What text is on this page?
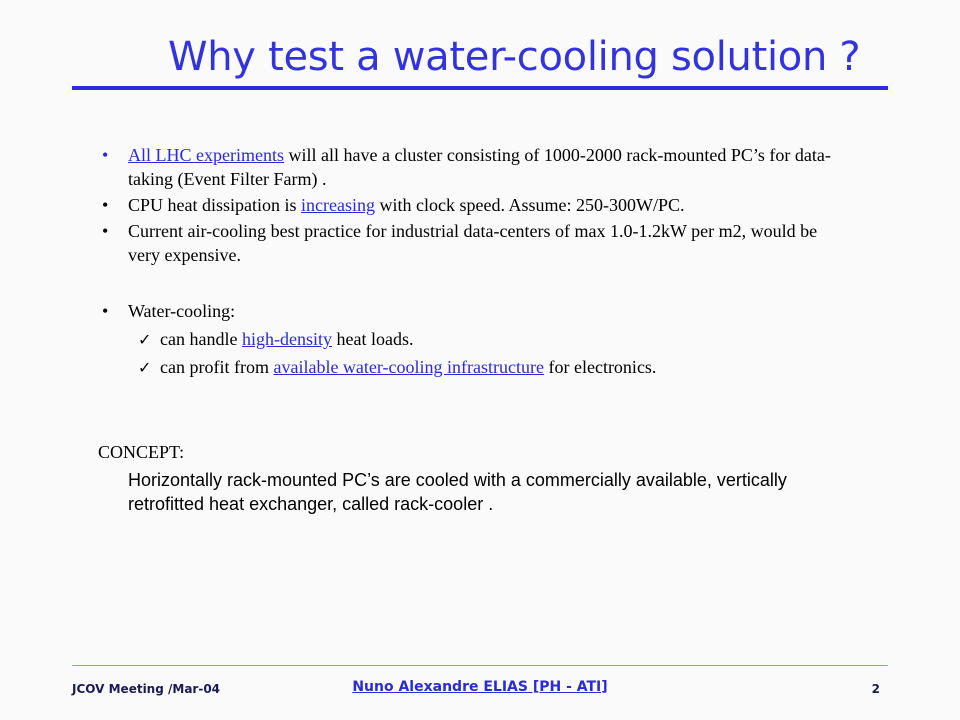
Why test a water-cooling solution ?
•	All LHC experiments will all have a cluster consisting of 1000-2000 rack-mounted PC’s for data-taking (Event Filter Farm) .
•	CPU heat dissipation is increasing with clock speed. Assume: 250-300W/PC.
•	Current air-cooling best practice for industrial data-centers of max 1.0-1.2kW per m2, would be very expensive.
•	Water-cooling:
✓ can handle high-density heat loads.
✓ can profit from available water-cooling infrastructure for electronics.
CONCEPT:
Horizontally rack-mounted PC’s are cooled with a commercially available, vertically retrofitted heat exchanger, called rack-cooler .
JCOV Meeting /Mar-04	Nuno Alexandre ELIAS [PH - ATI]	2
